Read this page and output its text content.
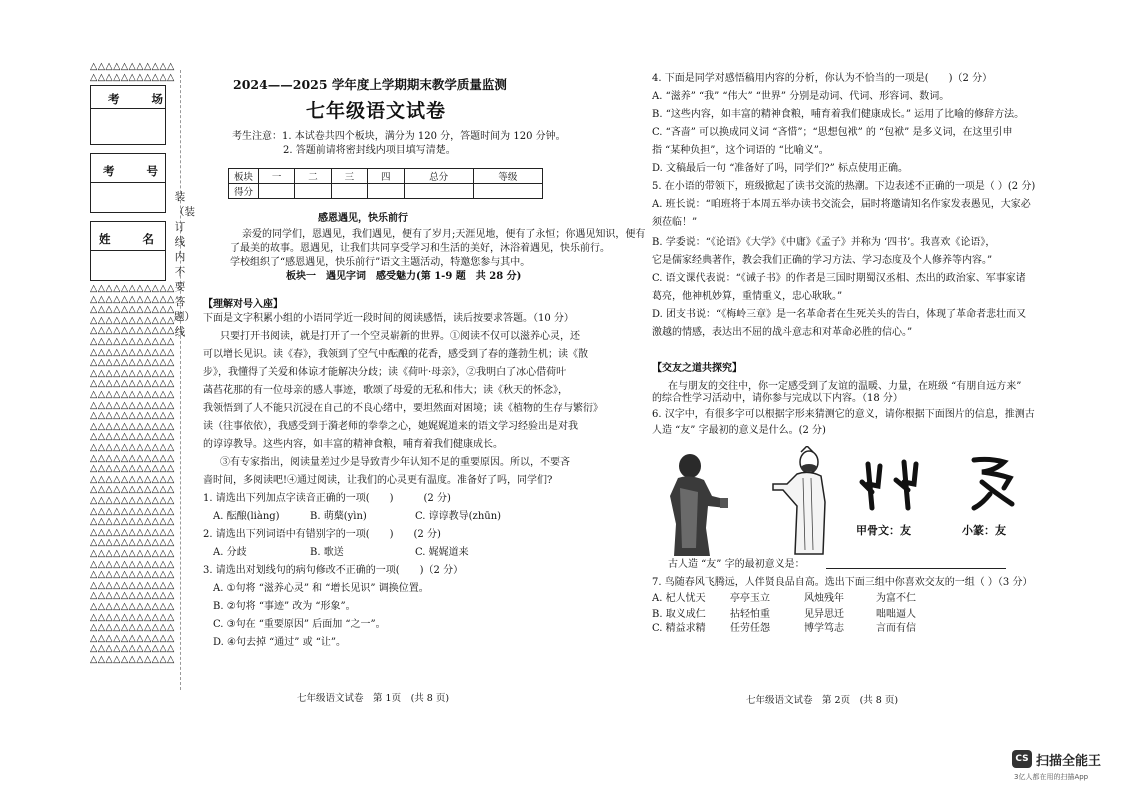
△△△△△△△△△△△
△△△△△△△△△△△
考 场
考 号
姓 名
△△△△△△△△△△△
△△△△△△△△△△△
△△△△△△△△△△△
△△△△△△△△△△△
△△△△△△△△△△△
△△△△△△△△△△△
△△△△△△△△△△△
△△△△△△△△△△△
△△△△△△△△△△△
△△△△△△△△△△△
△△△△△△△△△△△
△△△△△△△△△△△
△△△△△△△△△△△
△△△△△△△△△△△
△△△△△△△△△△△
△△△△△△△△△△△
△△△△△△△△△△△
△△△△△△△△△△△
△△△△△△△△△△△
△△△△△△△△△△△
△△△△△△△△△△△
△△△△△△△△△△△
△△△△△△△△△△△
△△△△△△△△△△△
△△△△△△△△△△△
△△△△△△△△△△△
△△△△△△△△△△△
△△△△△△△△△△△
△△△△△△△△△△△
△△△△△△△△△△△
△△△△△△△△△△△
△△△△△△△△△△△
△△△△△△△△△△△
△△△△△△△△△△△
△△△△△△△△△△△
△△△△△△△△△△△
装（装订线内不要答题）线
2024——2025 学年度上学期期末教学质量监测
七年级语文试卷
考生注意：1. 本试卷共四个板块，满分为 120 分，答题时间为 120 分钟。
2. 答题前请将密封线内项目填写清楚。
板块	一	二	三	四	总分	等级
得分						
感恩遇见，快乐前行
亲爱的同学们，恩遇见，我们遇见，便有了岁月;天涯见地，便有了永恒；你遇见知识，便有
了最美的故事。恩遇见，让我们共同享受学习和生活的美好，沐浴着遇见，快乐前行。
学校组织了“感恩遇见，快乐前行”语文主题活动，特邀您参与其中。
板块一　遇见字词　感受魅力(第 1-9 题　共 28 分)
【理解对号入座】
下面是文字积累小组的小语同学近一段时间的阅读感悟，读后按要求答题。（10 分）
只要打开书阅读，就是打开了一个空灵崭新的世界。①阅读不仅可以滋养心灵，还
可以增长见识。读《春》，我领到了空气中酝酿的花香，感受到了春的蓬勃生机；读《散
步》，我懂得了关爱和体谅才能解决分歧；读《荷叶·母亲》，②我明白了冰心借荷叶
菡萏花那的有一位母亲的感人事迹，歌颂了母爱的无私和伟大；读《秋天的怀念》，
我领悟到了人不能只沉浸在自己的不良心绪中，要坦然面对困境；读《植物的生存与繁衍》
读（往事依依），我感受到于漪老师的拳拳之心，她娓娓道来的语文学习经验出是对我
的谆谆教导。这些内容，如丰富的精神食粮，哺育着我们健康成长。
③有专家指出，阅读量差过少是导致青少年认知不足的重要原因。所以，不要吝
啬时间，多阅读吧!④通过阅读，让我们的心灵更有温度。准备好了吗，同学们?
1. 请选出下列加点字读音正确的一项(　　)　　　(2 分)
A. 酝酿(liàng)	B. 萌蘖(yìn)	C. 谆谆教导(zhūn)
2. 请选出下列词语中有错别字的一项(　　)　　(2 分)
A. 分歧	B. 歌送	C. 娓娓道来
3. 请选出对划线句的病句修改不正确的一项(　　)（2 分）
A. ①句将 “滋养心灵” 和 “增长见识” 调换位置。
B. ②句将 “事迹” 改为 “形象”。
C. ③句在 “重要原因” 后面加 “之一”。
D. ④句去掉 “通过” 或 “让”。
七年级语文试卷　第 1页　(共 8 页)
4. 下面是同学对感悟稿用内容的分析，你认为不恰当的一项是(　　)（2 分）
A. “滋养” “我” “伟大” “世界” 分别是动词、代词、形容词、数词。
B. “这些内容，如丰富的精神食粮，哺育着我们健康成长。” 运用了比喻的修辞方法。
C. “吝啬” 可以换成同义词 “吝惜”；“思想包袱” 的 “包袱” 是多义词，在这里引申
指 “某种负担”，这个词语的 “比喻义”。
D. 文稿最后一句 “准备好了吗，同学们?” 标点使用正确。
5. 在小语的带领下，班级掀起了读书交流的热潮。下边表述不正确的一项是（ ）(2 分)
A. 班长说：“咱班将于本周五举办读书交流会，届时将邀请知名作家发表愚见，大家必
须莅临！”
B. 学委说：“《论语》《大学》《中庸》《孟子》并称为 ‘四书’。我喜欢《论语》，
它是儒家经典著作，教会我们正确的学习方法、学习态度及个人修养等内容。”
C. 语文课代表说：“《诫子书》的作者是三国时期蜀汉丞相、杰出的政治家、军事家诸
葛亮，他神机妙算，重情重义，忠心耿耿。”
D. 团支书说：“《梅岭三章》是一名革命者在生死关头的告白，体现了革命者悲壮而又
激越的情感，表达出不屈的战斗意志和对革命必胜的信心。”
【交友之道共探究】
在与朋友的交往中，你一定感受到了友谊的温暖、力量，在班级 “有朋自远方来”
的综合性学习活动中，请你参与完成以下内容。（18 分）
6. 汉字中，有很多字可以根据字形来猜测它的意义，请你根据下面图片的信息，推测古
人造 “友” 字最初的意义是什么。(2 分)
甲骨文：友	小篆：友
古人造 “友” 字的最初意义是：
7. 鸟随春风飞腾远，人伴贤良品自高。选出下面三组中你喜欢交友的一组（ ）（3 分）
A. 杞人忧天 亭亭玉立	风烛残年	为富不仁
B. 取义成仁 拈轻怕重	见异思迁	咄咄逼人
C. 精益求精 任劳任怨	博学笃志	言而有信
七年级语文试卷　第 2页　(共 8 页)
CS 扫描全能王
3亿人都在用的扫描App
